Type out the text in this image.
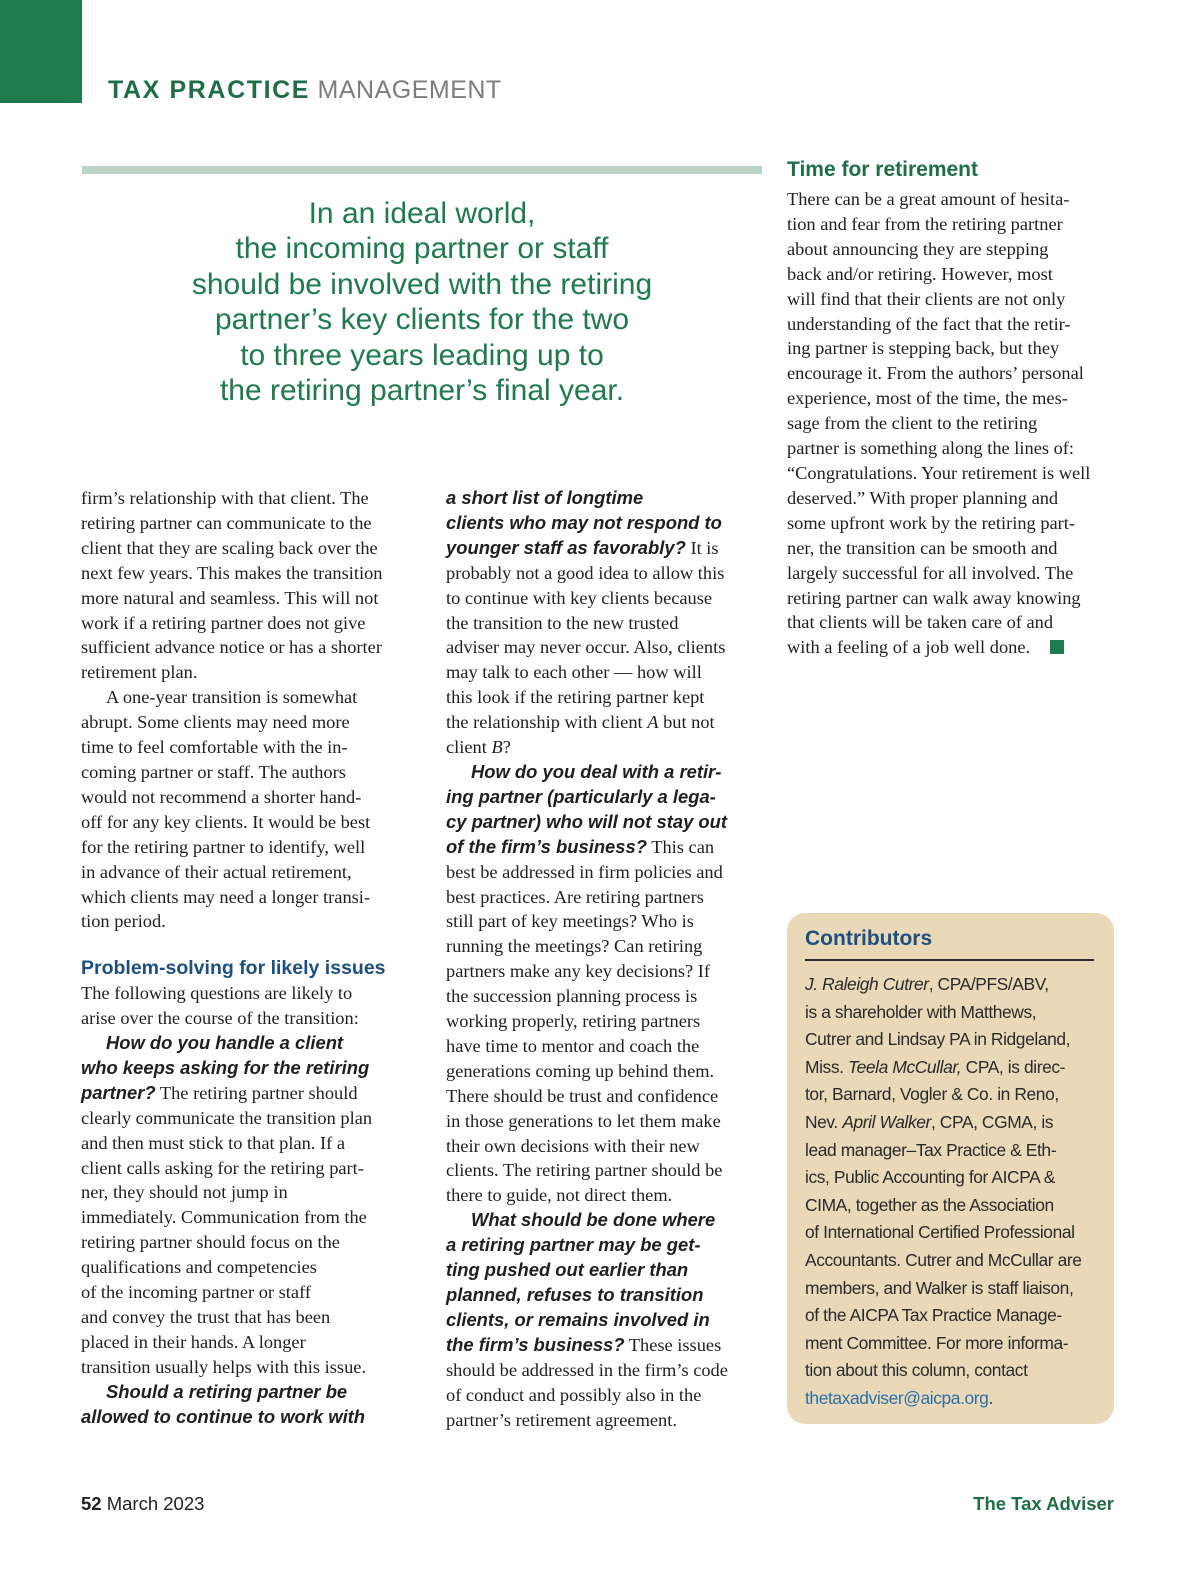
TAX PRACTICE MANAGEMENT
In an ideal world,
the incoming partner or staff
should be involved with the retiring
partner’s key clients for the two
to three years leading up to
the retiring partner’s final year.
firm’s relationship with that client. The
retiring partner can communicate to the
client that they are scaling back over the
next few years. This makes the transition
more natural and seamless. This will not
work if a retiring partner does not give
sufficient advance notice or has a shorter
retirement plan.
A one-year transition is somewhat
abrupt. Some clients may need more
time to feel comfortable with the in-
coming partner or staff. The authors
would not recommend a shorter hand-
off for any key clients. It would be best
for the retiring partner to identify, well
in advance of their actual retirement,
which clients may need a longer transi-
tion period.
Problem-solving for likely issues
The following questions are likely to
arise over the course of the transition:
How do you handle a client
who keeps asking for the retiring
partner? The retiring partner should
clearly communicate the transition plan
and then must stick to that plan. If a
client calls asking for the retiring part-
ner, they should not jump in
immediately. Communication from the
retiring partner should focus on the
qualifications and competencies
of the incoming partner or staff
and convey the trust that has been
placed in their hands. A longer
transition usually helps with this issue.
Should a retiring partner be
allowed to continue to work with
a short list of longtime
clients who may not respond to
younger staff as favorably? It is
probably not a good idea to allow this
to continue with key clients because
the transition to the new trusted
adviser may never occur. Also, clients
may talk to each other — how will
this look if the retiring partner kept
the relationship with client A but not
client B?
How do you deal with a retir-
ing partner (particularly a lega-
cy partner) who will not stay out
of the firm’s business? This can
best be addressed in firm policies and
best practices. Are retiring partners
still part of key meetings? Who is
running the meetings? Can retiring
partners make any key decisions? If
the succession planning process is
working properly, retiring partners
have time to mentor and coach the
generations coming up behind them.
There should be trust and confidence
in those generations to let them make
their own decisions with their new
clients. The retiring partner should be
there to guide, not direct them.
What should be done where
a retiring partner may be get-
ting pushed out earlier than
planned, refuses to transition
clients, or remains involved in
the firm’s business? These issues
should be addressed in the firm’s code
of conduct and possibly also in the
partner’s retirement agreement.
Time for retirement
There can be a great amount of hesita-
tion and fear from the retiring partner
about announcing they are stepping
back and/or retiring. However, most
will find that their clients are not only
understanding of the fact that the retir-
ing partner is stepping back, but they
encourage it. From the authors’ personal
experience, most of the time, the mes-
sage from the client to the retiring
partner is something along the lines of:
“Congratulations. Your retirement is well
deserved.” With proper planning and
some upfront work by the retiring part-
ner, the transition can be smooth and
largely successful for all involved. The
retiring partner can walk away knowing
that clients will be taken care of and
with a feeling of a job well done.
Contributors
J. Raleigh Cutrer, CPA/PFS/ABV,
is a shareholder with Matthews,
Cutrer and Lindsay PA in Ridgeland,
Miss. Teela McCullar, CPA, is direc-
tor, Barnard, Vogler & Co. in Reno,
Nev. April Walker, CPA, CGMA, is
lead manager–Tax Practice & Eth-
ics, Public Accounting for AICPA &
CIMA, together as the Association
of International Certified Professional
Accountants. Cutrer and McCullar are
members, and Walker is staff liaison,
of the AICPA Tax Practice Manage-
ment Committee. For more informa-
tion about this column, contact
thetaxadviser@aicpa.org.
52 March 2023	The Tax Adviser
